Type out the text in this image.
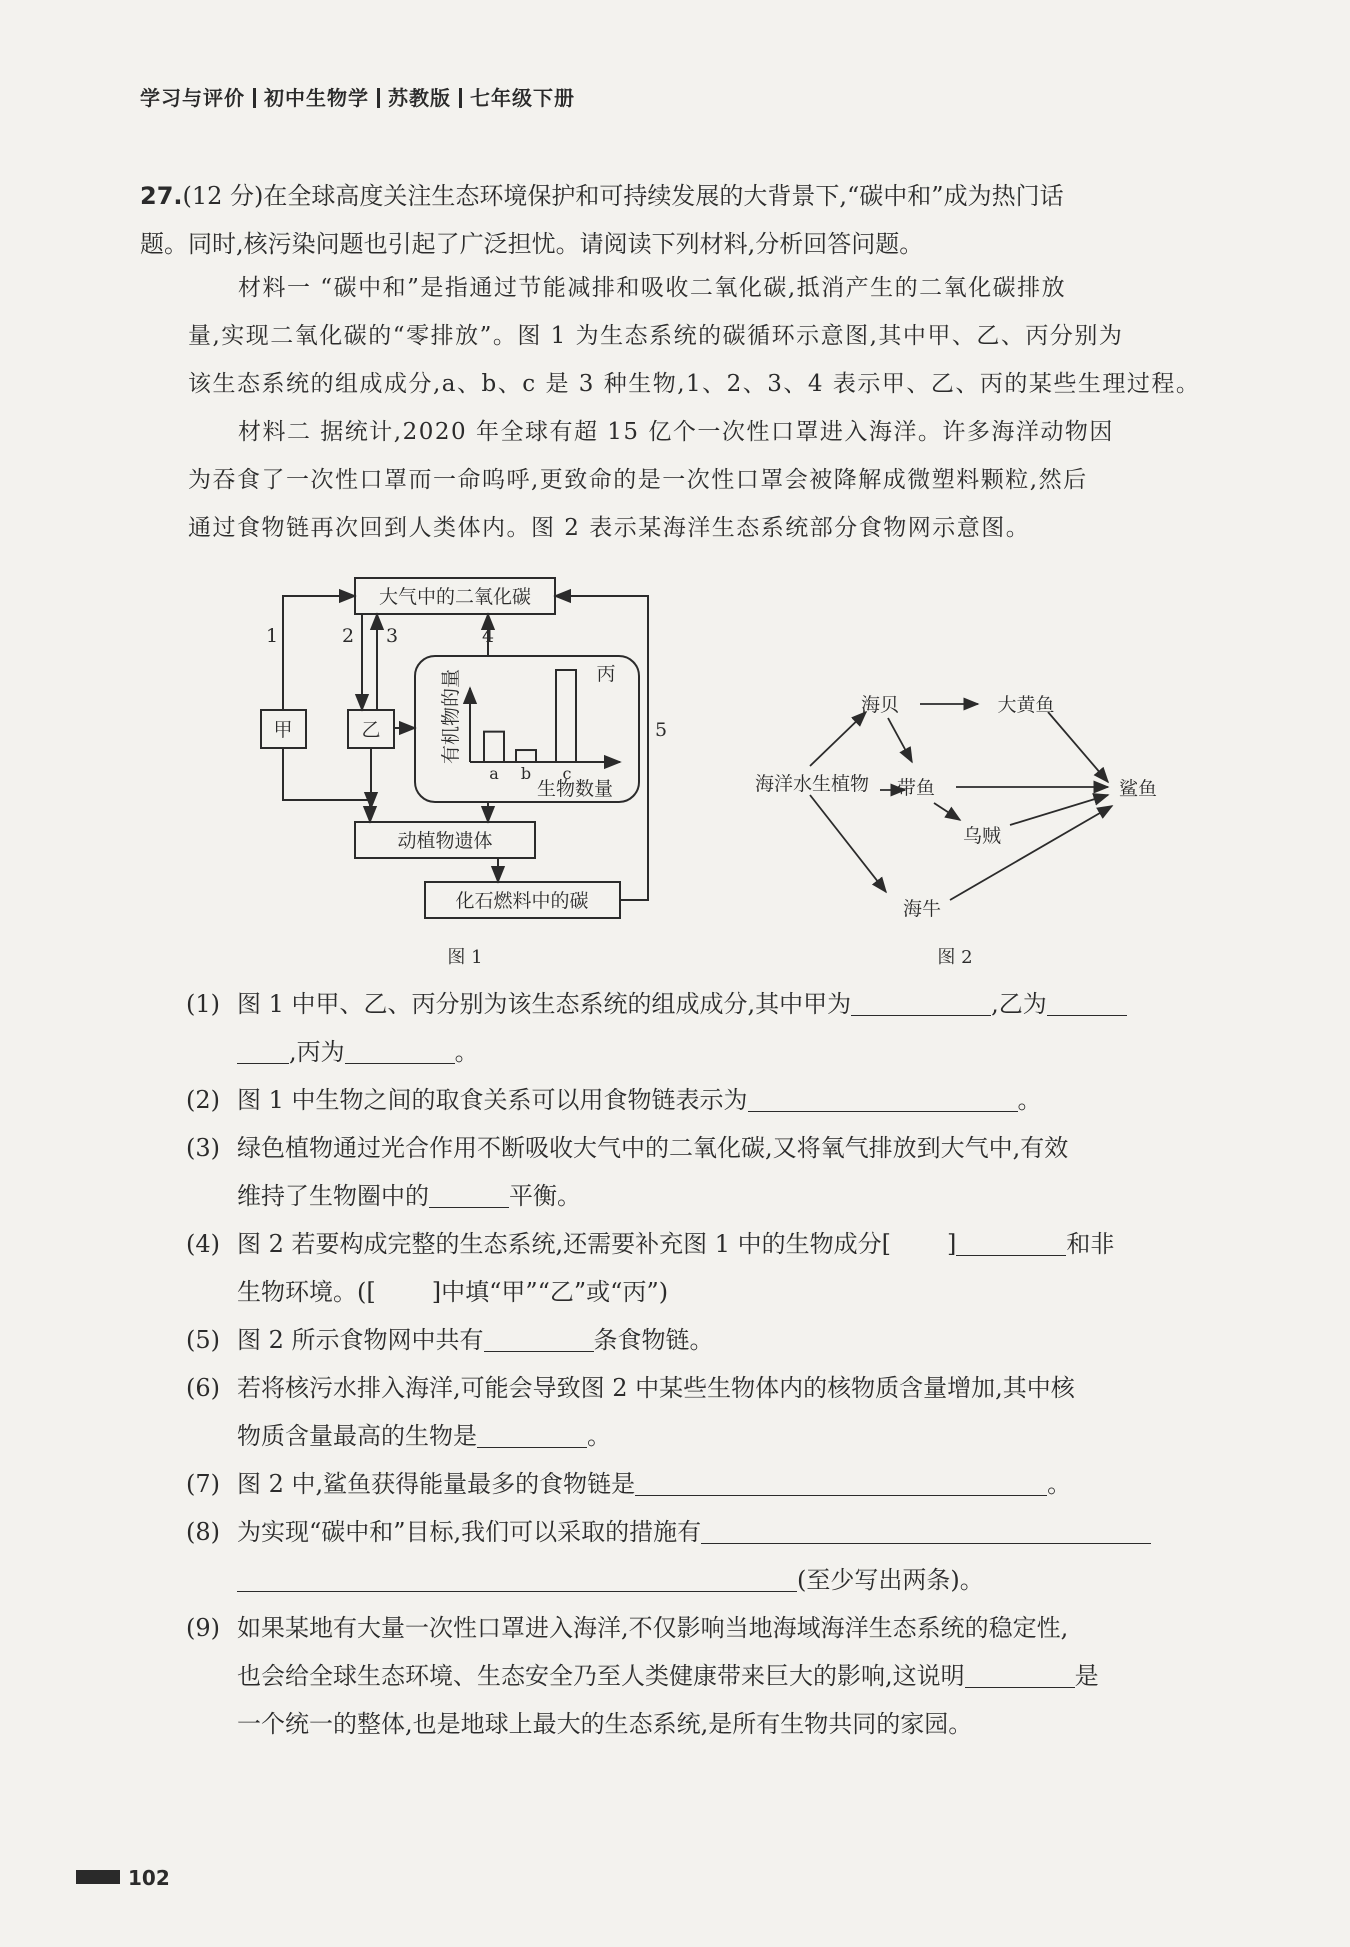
学习与评价 初中生物学 苏教版 七年级下册
27.(12 分)在全球高度关注生态环境保护和可持续发展的大背景下,“碳中和”成为热门话
题。同时,核污染问题也引起了广泛担忧。请阅读下列材料,分析回答问题。

材料一 “碳中和”是指通过节能减排和吸收二氧化碳,抵消产生的二氧化碳排放

量,实现二氧化碳的“零排放”。图 1 为生态系统的碳循环示意图,其中甲、乙、丙分别为

该生态系统的组成成分,a、b、c 是 3 种生物,1、2、3、4 表示甲、乙、丙的某些生理过程。

材料二 据统计,2020 年全球有超 15 亿个一次性口罩进入海洋。许多海洋动物因

为吞食了一次性口罩而一命呜呼,更致命的是一次性口罩会被降解成微塑料颗粒,然后

通过食物链再次回到人类体内。图 2 表示某海洋生态系统部分食物网示意图。

大气中的二氧化碳
甲	乙
动植物遗体
化石燃料中的碳
丙
1	2 3	4
5
有机物的量
生物数量
a b c
图 1
海贝	大黄鱼
海洋水生植物 带鱼	鲨鱼
乌贼
海牛
图 2
(1) 图 1 中甲、乙、丙分别为该生态系统的组成成分,其中甲为	,乙为
,丙为	。
(2) 图 1 中生物之间的取食关系可以用食物链表示为	。
(3) 绿色植物通过光合作用不断吸收大气中的二氧化碳,又将氧气排放到大气中,有效
维持了生物圈中的	平衡。
(4) 图 2 若要构成完整的生态系统,还需要补充图 1 中的生物成分[ ]	和非
生物环境。([ ]中填“甲”“乙”或“丙”)
(5) 图 2 所示食物网中共有	条食物链。
(6) 若将核污水排入海洋,可能会导致图 2 中某些生物体内的核物质含量增加,其中核
物质含量最高的生物是	。
(7) 图 2 中,鲨鱼获得能量最多的食物链是	。
(8) 为实现“碳中和”目标,我们可以采取的措施有
(至少写出两条)。
(9) 如果某地有大量一次性口罩进入海洋,不仅影响当地海域海洋生态系统的稳定性,
也会给全球生态环境、生态安全乃至人类健康带来巨大的影响,这说明	是
一个统一的整体,也是地球上最大的生态系统,是所有生物共同的家园。
102
